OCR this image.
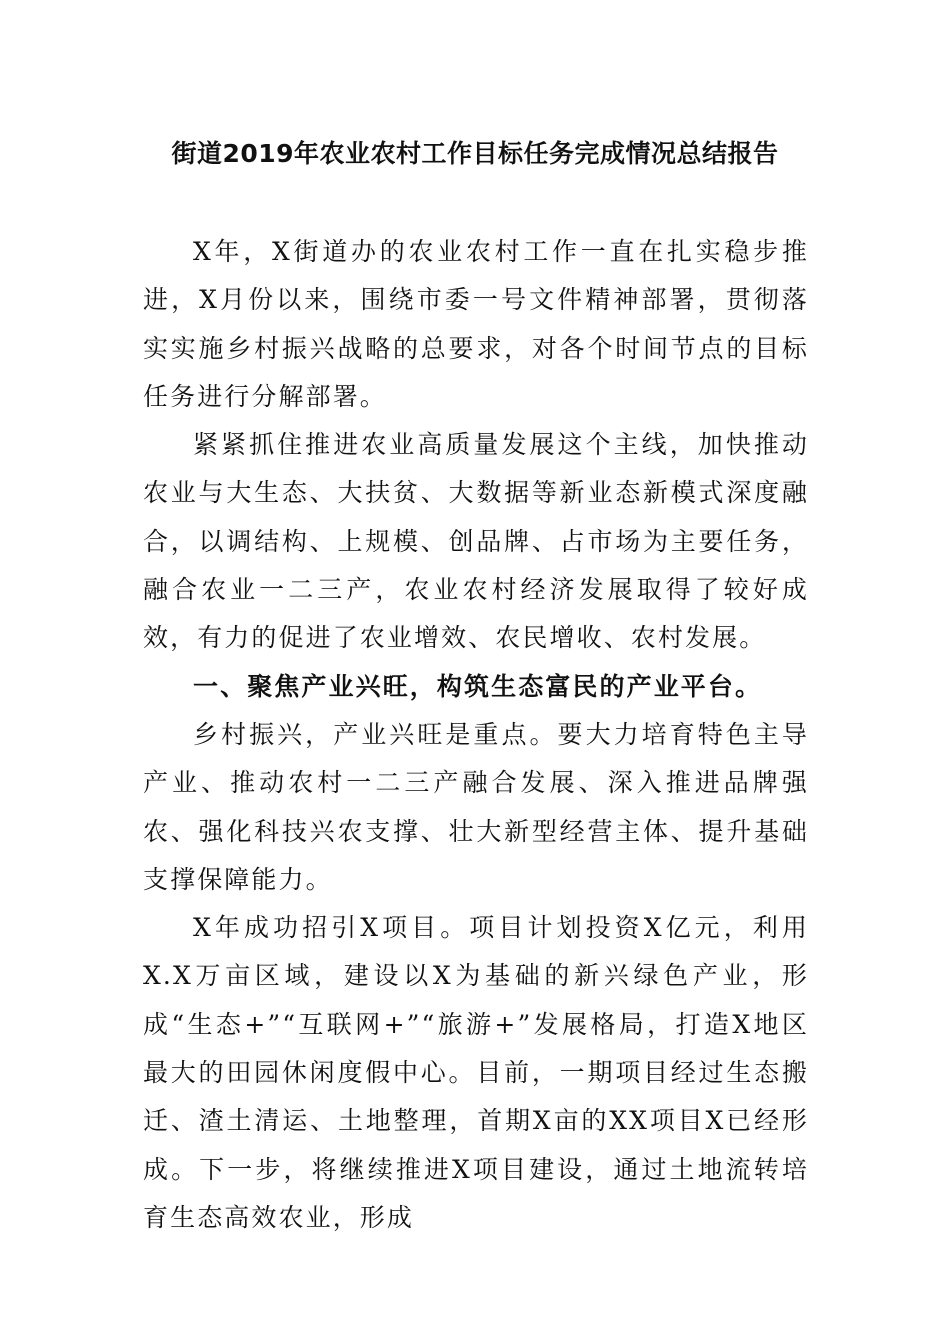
街道2019年农业农村工作目标任务完成情况总结报告

X年，X街道办的农业农村工作一直在扎实稳步推进，X月份以来，围绕市委一号文件精神部署，贯彻落实实施乡村振兴战略的总要求，对各个时间节点的目标任务进行分解部署。

紧紧抓住推进农业高质量发展这个主线，加快推动农业与大生态、大扶贫、大数据等新业态新模式深度融合，以调结构、上规模、创品牌、占市场为主要任务，融合农业一二三产，农业农村经济发展取得了较好成效，有力的促进了农业增效、农民增收、农村发展。

一、聚焦产业兴旺，构筑生态富民的产业平台。

乡村振兴，产业兴旺是重点。要大力培育特色主导产业、推动农村一二三产融合发展、深入推进品牌强农、强化科技兴农支撑、壮大新型经营主体、提升基础支撑保障能力。

X年成功招引X项目。项目计划投资X亿元，利用X.X万亩区域，建设以X为基础的新兴绿色产业，形成“生态+”“互联网+”“旅游+”发展格局，打造X地区最大的田园休闲度假中心。目前，一期项目经过生态搬迁、渣土清运、土地整理，首期X亩的XX项目X已经形成。下一步，将继续推进X项目建设，通过土地流转培育生态高效农业，形成
